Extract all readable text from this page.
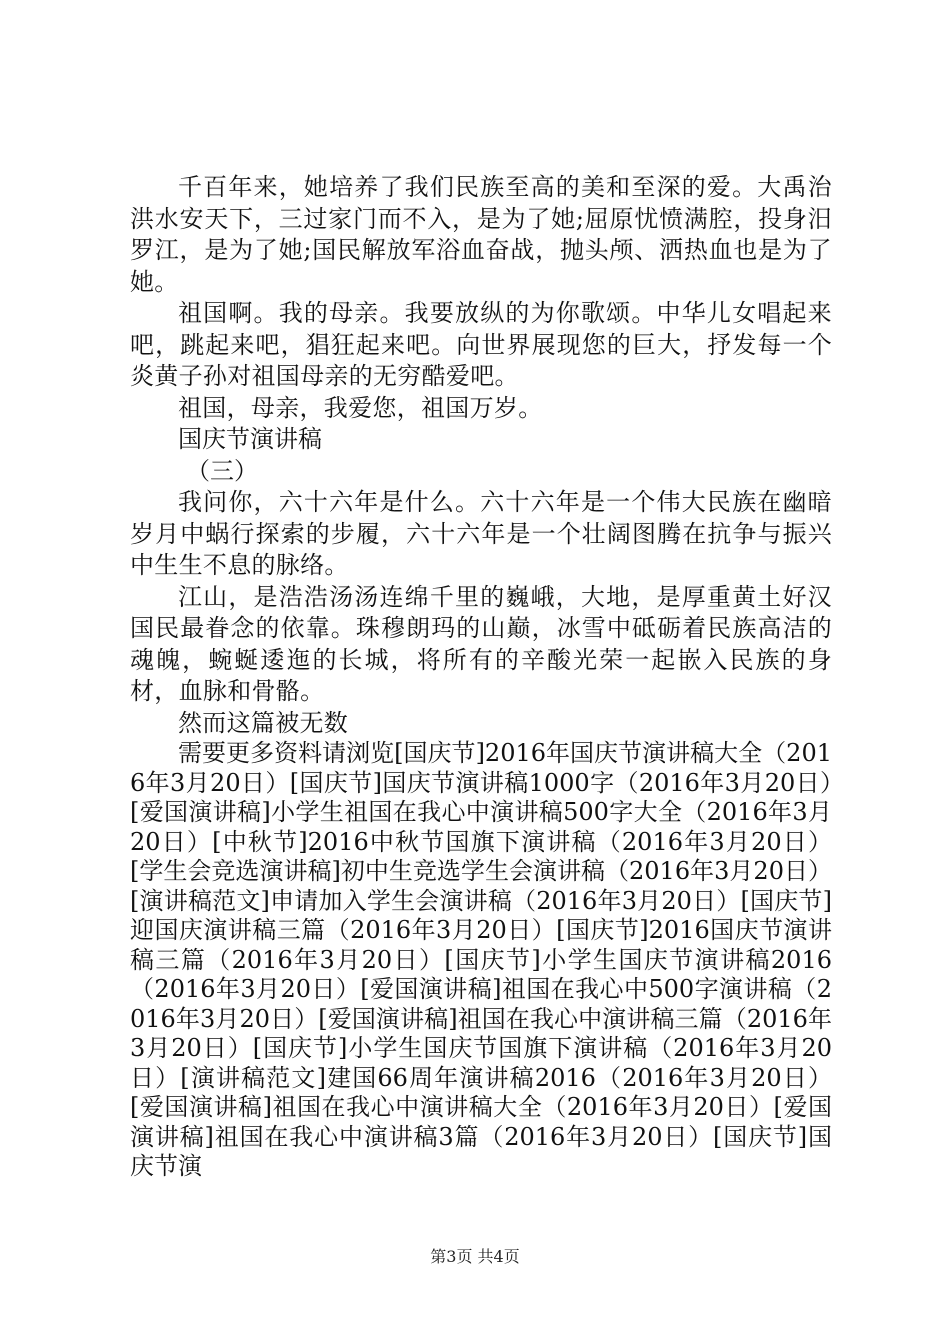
千百年来，她培养了我们民族至高的美和至深的爱。大禹治洪水安天下，三过家门而不入，是为了她;屈原忧愤满腔，投身汨罗江，是为了她;国民解放军浴血奋战，抛头颅、洒热血也是为了她。

祖国啊。我的母亲。我要放纵的为你歌颂。中华儿女唱起来吧，跳起来吧，猖狂起来吧。向世界展现您的巨大，抒发每一个炎黄子孙对祖国母亲的无穷酷爱吧。

祖国，母亲，我爱您，祖国万岁。

国庆节演讲稿

（三）

我问你，六十六年是什么。六十六年是一个伟大民族在幽暗岁月中蜗行探索的步履，六十六年是一个壮阔图腾在抗争与振兴中生生不息的脉络。

江山，是浩浩汤汤连绵千里的巍峨，大地，是厚重黄土好汉国民最眷念的依靠。珠穆朗玛的山巅，冰雪中砥砺着民族高洁的魂魄，蜿蜒逶迤的长城，将所有的辛酸光荣一起嵌入民族的身材，血脉和骨骼。

然而这篇被无数

需要更多资料请浏览[国庆节]2016年国庆节演讲稿大全（2016年3月20日）[国庆节]国庆节演讲稿1000字（2016年3月20日）[爱国演讲稿]小学生祖国在我心中演讲稿500字大全（2016年3月20日）[中秋节]2016中秋节国旗下演讲稿（2016年3月20日）[学生会竞选演讲稿]初中生竞选学生会演讲稿（2016年3月20日）[演讲稿范文]申请加入学生会演讲稿（2016年3月20日）[国庆节]迎国庆演讲稿三篇（2016年3月20日）[国庆节]2016国庆节演讲稿三篇（2016年3月20日）[国庆节]小学生国庆节演讲稿2016（2016年3月20日）[爱国演讲稿]祖国在我心中500字演讲稿（2016年3月20日）[爱国演讲稿]祖国在我心中演讲稿三篇（2016年3月20日）[国庆节]小学生国庆节国旗下演讲稿（2016年3月20日）[演讲稿范文]建国66周年演讲稿2016（2016年3月20日）[爱国演讲稿]祖国在我心中演讲稿大全（2016年3月20日）[爱国演讲稿]祖国在我心中演讲稿3篇（2016年3月20日）[国庆节]国庆节演

第3页 共4页
